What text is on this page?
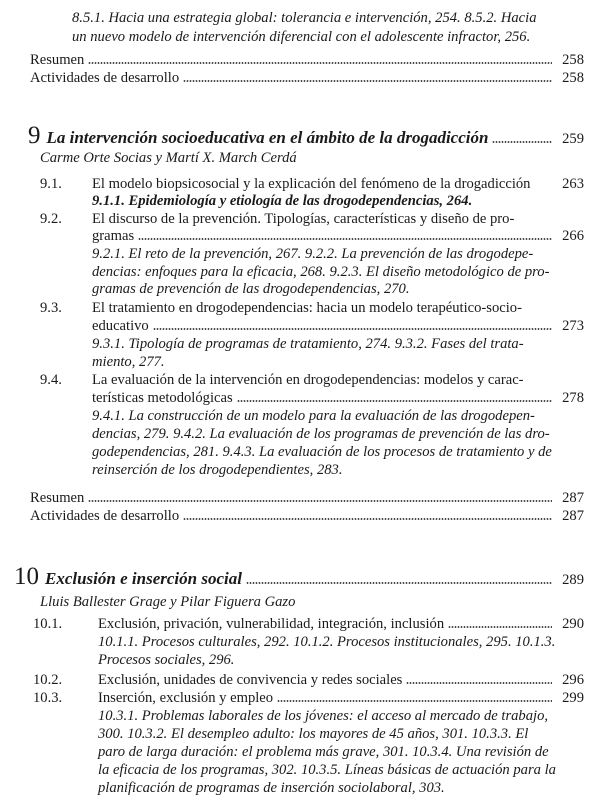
8.5.1. Hacia una estrategia global: tolerancia e intervención, 254. 8.5.2. Hacia
un nuevo modelo de intervención diferencial con el adolescente infractor, 256.
Resumen	258
Actividades de desarrollo	258
9 La intervención socioeducativa en el ámbito de la drogadicción	259
Carme Orte Socias y Martí X. March Cerdá
9.1.	El modelo biopsicosocial y la explicación del fenómeno de la drogadicción 263
9.1.1. Epidemiología y etiología de las drogodependencias, 264.
9.2.	El discurso de la prevención. Tipologías, características y diseño de pro-
gramas	266
9.2.1. El reto de la prevención, 267. 9.2.2. La prevención de las drogodepe-
dencias: enfoques para la eficacia, 268. 9.2.3. El diseño metodológico de pro-
gramas de prevención de las drogodependencias, 270.
9.3.	El tratamiento en drogodependencias: hacia un modelo terapéutico-socio-
educativo	273
9.3.1. Tipología de programas de tratamiento, 274. 9.3.2. Fases del trata-
miento, 277.
9.4.	La evaluación de la intervención en drogodependencias: modelos y carac-
terísticas metodológicas	278
9.4.1. La construcción de un modelo para la evaluación de las drogodepen-
dencias, 279. 9.4.2. La evaluación de los programas de prevención de las dro-
godependencias, 281. 9.4.3. La evaluación de los procesos de tratamiento y de
reinserción de los drogodependientes, 283.
Resumen	287
Actividades de desarrollo	287
10 Exclusión e inserción social	289
Lluis Ballester Grage y Pilar Figuera Gazo
10.1.	Exclusión, privación, vulnerabilidad, integración, inclusión	290
10.1.1. Procesos culturales, 292. 10.1.2. Procesos institucionales, 295. 10.1.3.
Procesos sociales, 296.
10.2.	Exclusión, unidades de convivencia y redes sociales	296
10.3.	Inserción, exclusión y empleo	299
10.3.1. Problemas laborales de los jóvenes: el acceso al mercado de trabajo,
300. 10.3.2. El desempleo adulto: los mayores de 45 años, 301. 10.3.3. El
paro de larga duración: el problema más grave, 301. 10.3.4. Una revisión de
la eficacia de los programas, 302. 10.3.5. Líneas básicas de actuación para la
planificación de programas de inserción sociolaboral, 303.
